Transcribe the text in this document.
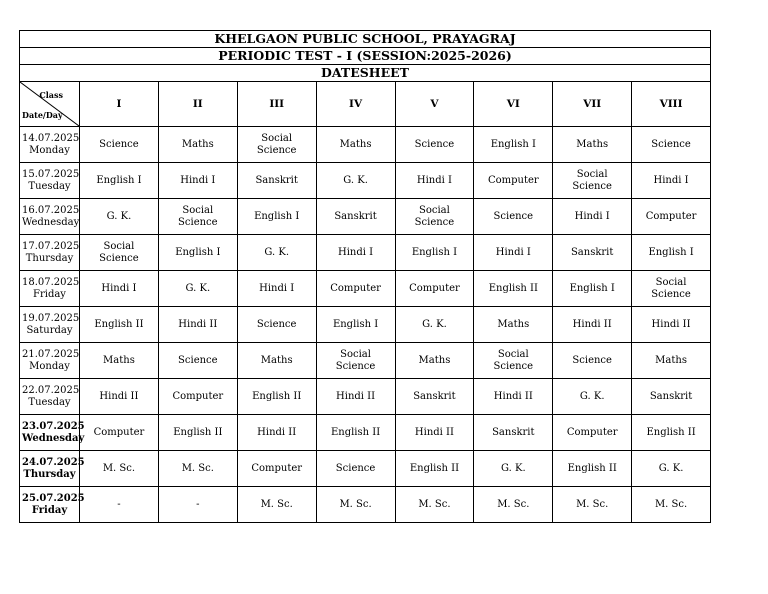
KHELGAON PUBLIC SCHOOL, PRAYAGRAJ								
PERIODIC TEST - I (SESSION:2025-2026)								
DATESHEET								

Class
Date/Day	I	II	III	IV	V	VI	VII	VIII

14.07.2025
Monday	Science	Maths	Social Science	Maths	Science	English I	Maths	Science

15.07.2025
Tuesday	English I	Hindi I	Sanskrit	G. K.	Hindi I	Computer	Social Science	Hindi I

16.07.2025
Wednesday	G. K.	Social Science	English I	Sanskrit	Social Science	Science	Hindi I	Computer

17.07.2025
Thursday	Social Science	English I	G. K.	Hindi I	English I	Hindi I	Sanskrit	English I

18.07.2025
Friday	Hindi I	G. K.	Hindi I	Computer	Computer	English II	English I	Social Science

19.07.2025
Saturday	English II	Hindi II	Science	English I	G. K.	Maths	Hindi II	Hindi II

21.07.2025
Monday	Maths	Science	Maths	Social Science	Maths	Social Science	Science	Maths

22.07.2025
Tuesday	Hindi II	Computer	English II	Hindi II	Sanskrit	Hindi II	G. K.	Sanskrit

23.07.2025
Wednesday	Computer	English II	Hindi II	English II	Hindi II	Sanskrit	Computer	English II

24.07.2025
Thursday	M. Sc.	M. Sc.	Computer	Science	English II	G. K.	English II	G. K.

25.07.2025
Friday	-	-	M. Sc.	M. Sc.	M. Sc.	M. Sc.	M. Sc.	M. Sc.
